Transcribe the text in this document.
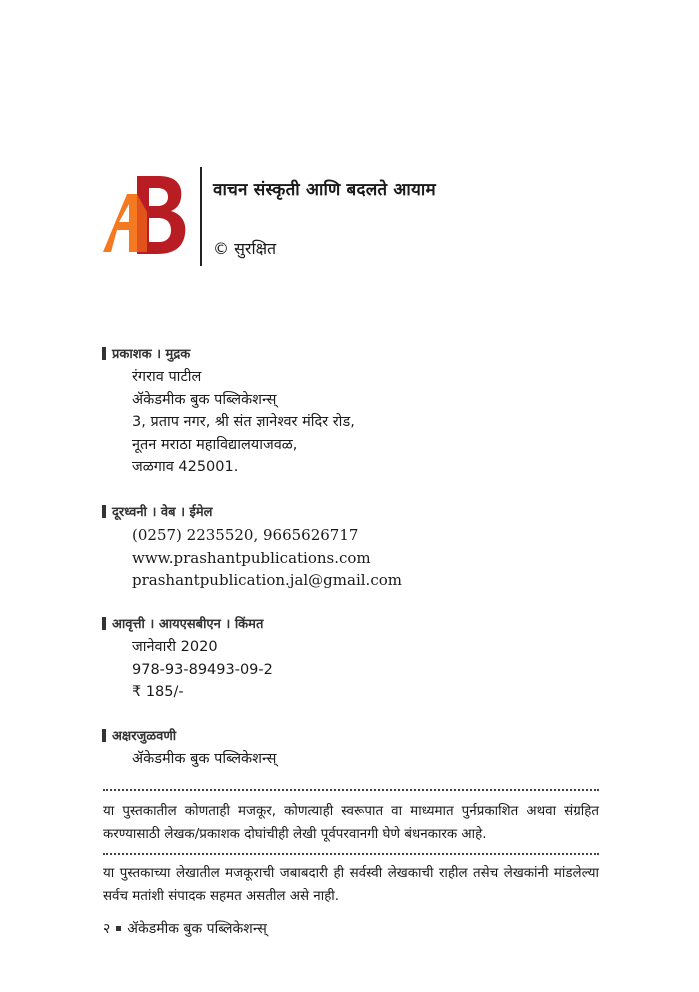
वाचन संस्कृती आणि बदलते आयाम
© सुरक्षित
प्रकाशक । मुद्रक
रंगराव पाटील
ॲकेडमीक बुक पब्लिकेशन्स्
3, प्रताप नगर, श्री संत ज्ञानेश्वर मंदिर रोड,
नूतन मराठा महाविद्यालयाजवळ,
जळगाव 425001.
दूरध्वनी । वेब । ईमेल
(0257) 2235520, 9665626717
www.prashantpublications.com
prashantpublication.jal@gmail.com
आवृत्ती । आयएसबीएन । किंमत
जानेवारी 2020
978-93-89493-09-2
₹ 185/-
अक्षरजुळवणी
ॲकेडमीक बुक पब्लिकेशन्स्
या पुस्तकातील कोणताही मजकूर, कोणत्याही स्वरूपात वा माध्यमात पुर्नप्रकाशित अथवा संग्रहित करण्यासाठी लेखक/प्रकाशक दोघांचीही लेखी पूर्वपरवानगी घेणे बंधनकारक आहे.
या पुस्तकाच्या लेखातील मजकूराची जबाबदारी ही सर्वस्वी लेखकाची राहील तसेच लेखकांनी मांडलेल्या सर्वच मतांशी संपादक सहमत असतील असे नाही.
२ ॲकेडमीक बुक पब्लिकेशन्स्
